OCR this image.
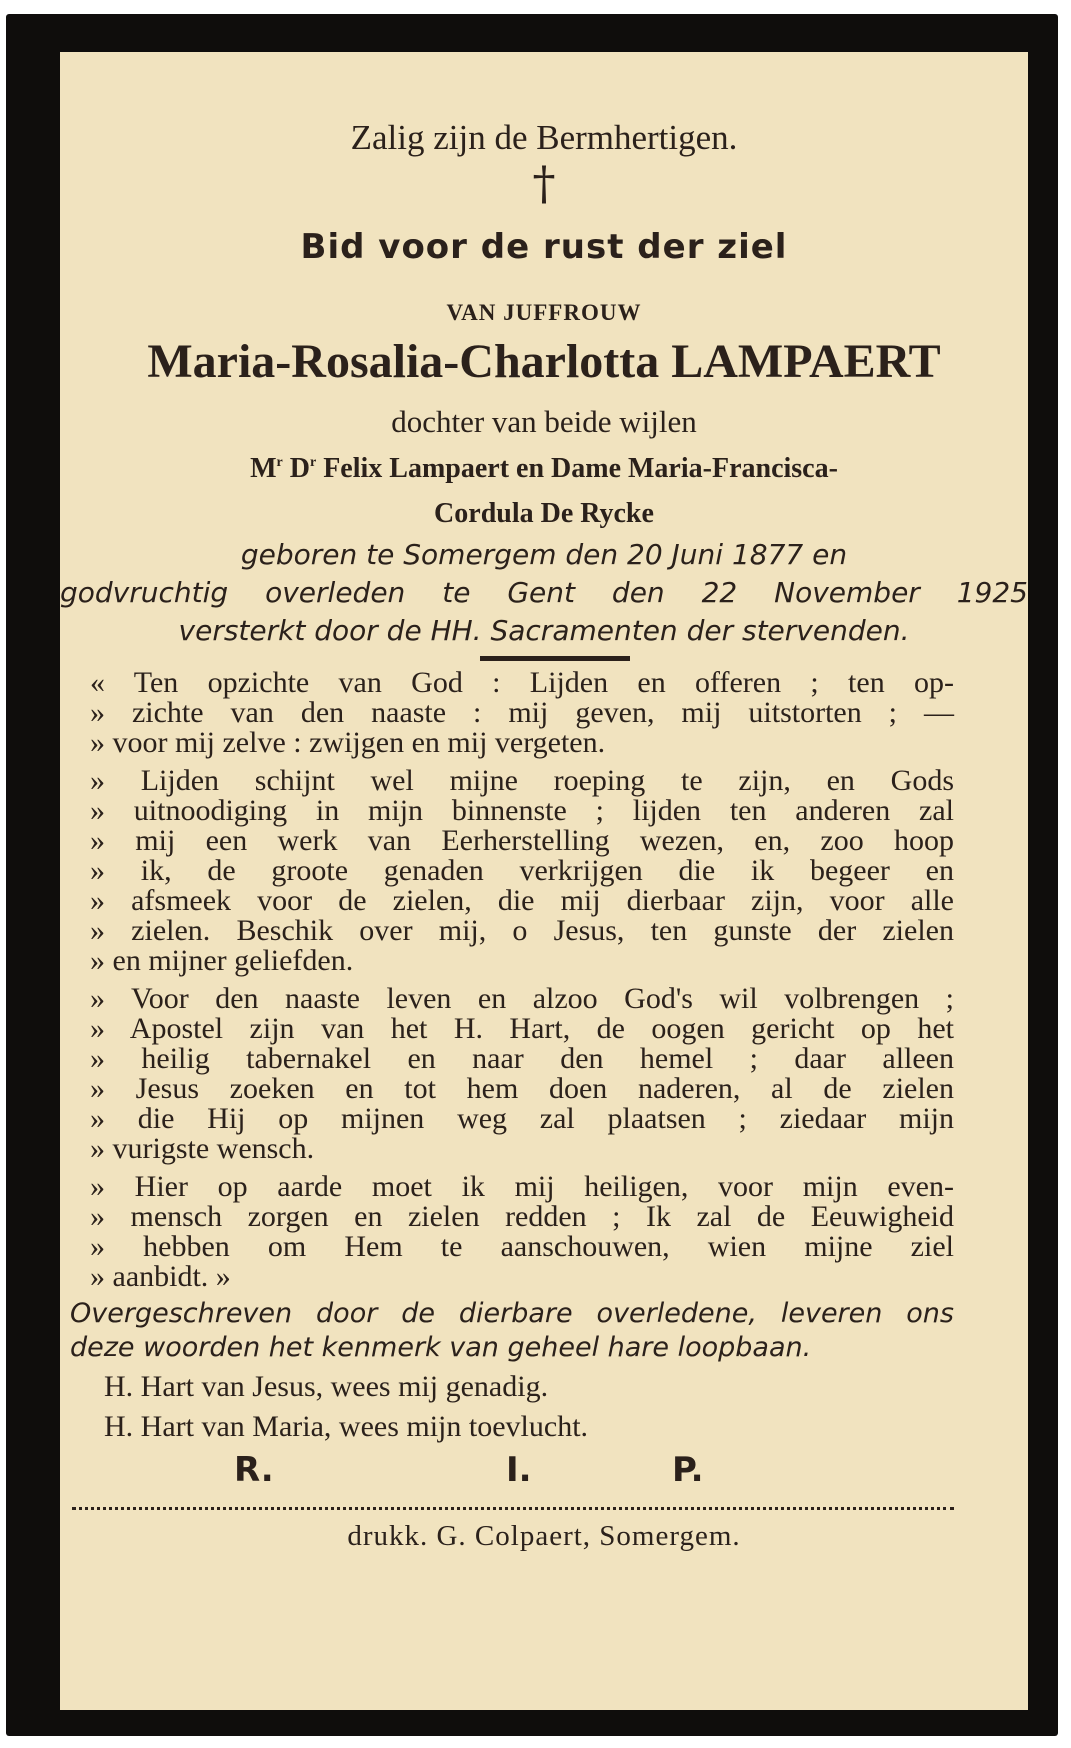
Zalig zijn de Bermhertigen.
†
Bid voor de rust der ziel
VAN JUFFROUW
Maria-Rosalia-Charlotta LAMPAERT
dochter van beide wijlen
$M^r$ $D^r$ Felix Lampaert en Dame Maria-Francisca-
Cordula De Rycke
geboren te Somergem den 20 Juni 1877 en
godvruchtig overleden te Gent den 22 November 1925
versterkt door de HH. Sacramenten der stervenden.
« Ten opzichte van God : Lijden en offeren ; ten op-
» zichte van den naaste : mij geven, mij uitstorten ; —
» voor mij zelve : zwijgen en mij vergeten.
» Lijden schijnt wel mijne roeping te zijn, en Gods
» uitnoodiging in mijn binnenste ; lijden ten anderen zal
» mij een werk van Eerherstelling wezen, en, zoo hoop
» ik, de groote genaden verkrijgen die ik begeer en
» afsmeek voor de zielen, die mij dierbaar zijn, voor alle
» zielen. Beschik over mij, o Jesus, ten gunste der zielen
» en mijner geliefden.
» Voor den naaste leven en alzoo God's wil volbrengen ;
» Apostel zijn van het H. Hart, de oogen gericht op het
» heilig tabernakel en naar den hemel ; daar alleen
» Jesus zoeken en tot hem doen naderen, al de zielen
» die Hij op mijnen weg zal plaatsen ; ziedaar mijn
» vurigste wensch.
» Hier op aarde moet ik mij heiligen, voor mijn even-
» mensch zorgen en zielen redden ; Ik zal de Eeuwigheid
» hebben om Hem te aanschouwen, wien mijne ziel
» aanbidt. »
Overgeschreven door de dierbare overledene, leveren ons
deze woorden het kenmerk van geheel hare loopbaan.
H. Hart van Jesus, wees mij genadig.
H. Hart van Maria, wees mijn toevlucht.
R.	I.	P.
drukk. G. Colpaert, Somergem.
